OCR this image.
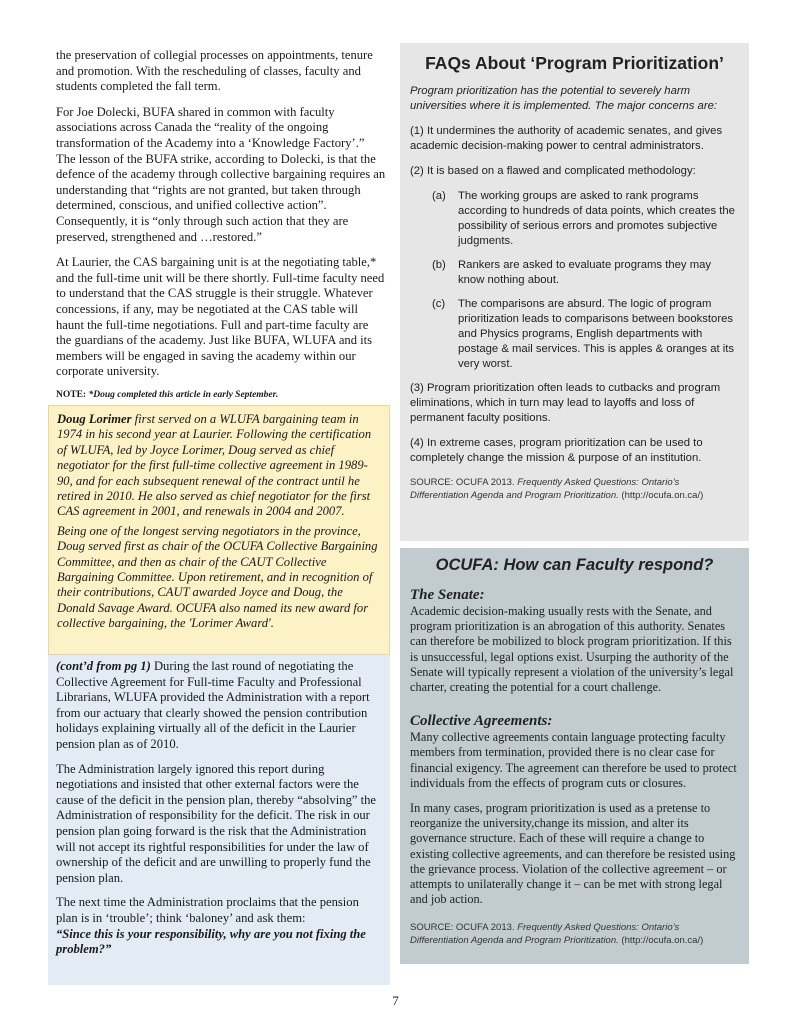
the preservation of collegial processes on appointments, tenure and promotion. With the rescheduling of classes, faculty and students completed the fall term.

For Joe Dolecki, BUFA shared in common with faculty associations across Canada the “reality of the ongoing transformation of the Academy into a ‘Knowledge Factory’.” The lesson of the BUFA strike, according to Dolecki, is that the defence of the academy through collective bargaining requires an understanding that “rights are not granted, but taken through determined, conscious, and unified collective action”. Consequently, it is “only through such action that they are preserved, strengthened and …restored.”

At Laurier, the CAS bargaining unit is at the negotiating table,* and the full-time unit will be there shortly. Full-time faculty need to understand that the CAS struggle is their struggle. Whatever concessions, if any, may be negotiated at the CAS table will haunt the full-time negotiations. Full and part-time faculty are the guardians of the academy. Just like BUFA, WLUFA and its members will be engaged in saving the academy within our corporate university.

NOTE: *Doug completed this article in early September.

Doug Lorimer first served on a WLUFA bargaining team in 1974 in his second year at Laurier. Following the certification of WLUFA, led by Joyce Lorimer, Doug served as chief negotiator for the first full-time collective agreement in 1989-90, and for each subsequent renewal of the contract until he retired in 2010. He also served as chief negotiator for the first CAS agreement in 2001, and renewals in 2004 and 2007.

Being one of the longest serving negotiators in the province, Doug served first as chair of the OCUFA Collective Bargaining Committee, and then as chair of the CAUT Collective Bargaining Committee. Upon retirement, and in recognition of their contributions, CAUT awarded Joyce and Doug, the Donald Savage Award. OCUFA also named its new award for collective bargaining, the 'Lorimer Award'.

(cont’d from pg 1) During the last round of negotiating the Collective Agreement for Full-time Faculty and Professional Librarians, WLUFA provided the Administration with a report from our actuary that clearly showed the pension contribution holidays explaining virtually all of the deficit in the Laurier pension plan as of 2010.

The Administration largely ignored this report during negotiations and insisted that other external factors were the cause of the deficit in the pension plan, thereby “absolving” the Administration of responsibility for the deficit. The risk in our pension plan going forward is the risk that the Administration will not accept its rightful responsibilities for under the law of ownership of the deficit and are unwilling to properly fund the pension plan.

The next time the Administration proclaims that the pension plan is in ‘trouble’; think ‘baloney’ and ask them:
“Since this is your responsibility, why are you not fixing the problem?”

FAQs About ‘Program Prioritization’

Program prioritization has the potential to severely harm universities where it is implemented. The major concerns are:

(1) It undermines the authority of academic senates, and gives academic decision-making power to central administrators.

(2) It is based on a flawed and complicated methodology:

(a)	The working groups are asked to rank programs according to hundreds of data points, which creates the possibility of serious errors and promotes subjective judgments.
(b)	Rankers are asked to evaluate programs they may know nothing about.
(c)	The comparisons are absurd. The logic of program prioritization leads to comparisons between bookstores and Physics programs, English departments with postage & mail services. This is apples & oranges at its very worst.

(3) Program prioritization often leads to cutbacks and program eliminations, which in turn may lead to layoffs and loss of permanent faculty positions.

(4) In extreme cases, program prioritization can be used to completely change the mission & purpose of an institution.

SOURCE: OCUFA 2013. Frequently Asked Questions: Ontario’s Differentiation Agenda and Program Prioritization. (http://ocufa.on.ca/)
OCUFA: How can Faculty respond?
The Senate:

Academic decision-making usually rests with the Senate, and program prioritization is an abrogation of this authority. Senates can therefore be mobilized to block program prioritization. If this is unsuccessful, legal options exist. Usurping the authority of the Senate will typically represent a violation of the university’s legal charter, creating the potential for a court challenge.

Collective Agreements:

Many collective agreements contain language protecting faculty members from termination, provided there is no clear case for financial exigency. The agreement can therefore be used to protect individuals from the effects of program cuts or closures.

In many cases, program prioritization is used as a pretense to reorganize the university,change its mission, and alter its governance structure. Each of these will require a change to existing collective agreements, and can therefore be resisted using the grievance process. Violation of the collective agreement – or attempts to unilaterally change it – can be met with strong legal and job action.

SOURCE: OCUFA 2013. Frequently Asked Questions: Ontario’s Differentiation Agenda and Program Prioritization. (http://ocufa.on.ca/)
7
